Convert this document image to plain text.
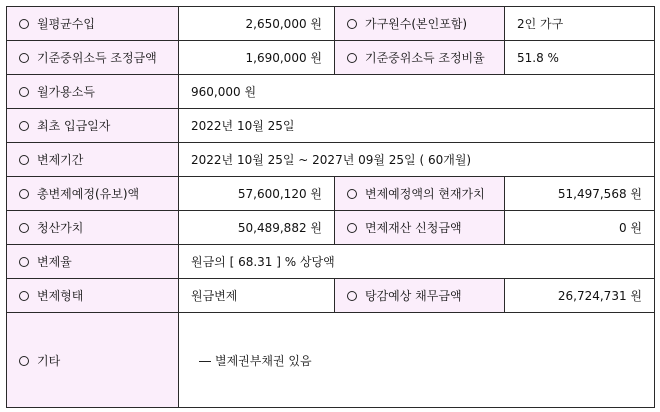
월평균수입	2,650,000 원	가구원수(본인포함)	2인 가구
기준중위소득 조정금액	1,690,000 원	기준중위소득 조정비율	51.8 %
월가용소득	960,000 원		
최초 입금일자	2022년 10월 25일		
변제기간	2022년 10월 25일 ~ 2027년 09월 25일 ( 60개월)		
총변제예정(유보)액	57,600,120 원	변제예정액의 현재가치	51,497,568 원
청산가치	50,489,882 원	면제재산 신청금액	0 원
변제율	원금의 [ 68.31 ] % 상당액		
변제형태	원금변제	탕감예상 채무금액	26,724,731 원
기타	별제권부채권 있음		
